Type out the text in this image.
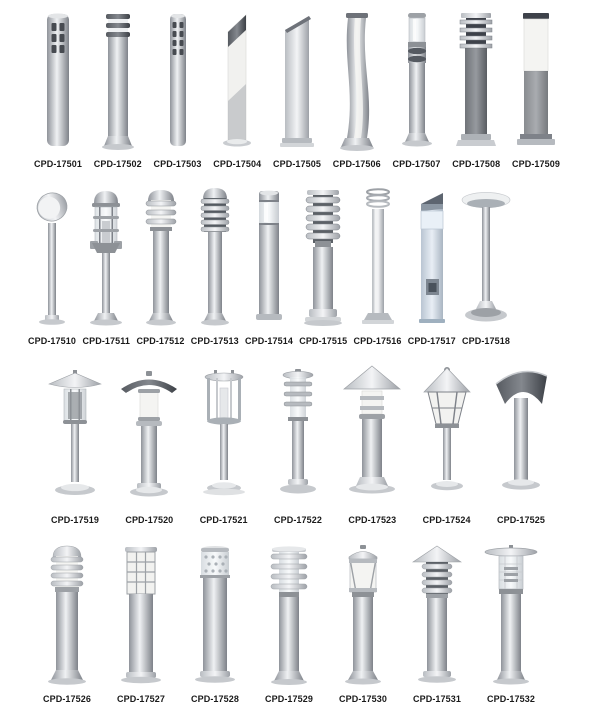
CPD-17501 CPD-17502 CPD-17503 CPD-17504 CPD-17505 CPD-17506 CPD-17507 CPD-17508 CPD-17509
CPD-17510 CPD-17511 CPD-17512 CPD-17513 CPD-17514 CPD-17515 CPD-17516 CPD-17517 CPD-17518
CPD-17519	CPD-17520	CPD-17521	CPD-17522	CPD-17523	CPD-17524	CPD-17525
CPD-17526	CPD-17527	CPD-17528	CPD-17529	CPD-17530	CPD-17531	CPD-17532
